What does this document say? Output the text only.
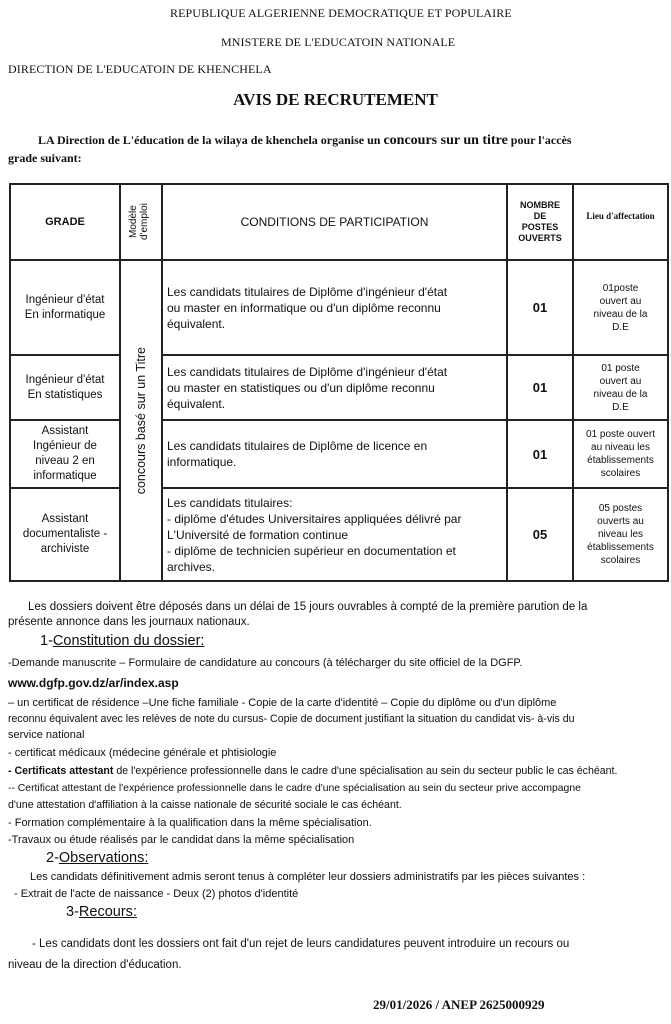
REPUBLIQUE ALGERIENNE DEMOCRATIQUE ET POPULAIRE
MNISTERE DE L'EDUCATOIN NATIONALE
DIRECTION DE L'EDUCATOIN DE KHENCHELA
AVIS DE RECRUTEMENT
LA Direction de L'éducation de la wilaya de khenchela organise un concours sur un titre pour l'accès
grade suivant:
GRADE	Modèle d'emploi	CONDITIONS DE PARTICIPATION	NOMBRE
DE
POSTES
OUVERTS	Lieu d'affectation

Ingénieur d'état
En informatique	concours basé sur un Titre	Les candidats titulaires de Diplôme d'ingénieur d'état
ou master en informatique ou d'un diplôme reconnu
équivalent.	01	01poste
ouvert au
niveau de la
D.E

Ingénieur d'état
En statistiques		Les candidats titulaires de Diplôme d'ingénieur d'état
ou master en statistiques ou d'un diplôme reconnu
équivalent.	01	01 poste
ouvert au
niveau de la
D.E

Assistant
Ingénieur de
niveau 2 en
informatique		Les candidats titulaires de Diplôme de licence en
informatique.	01	01 poste ouvert
au niveau les
établissements
scolaires

Assistant
documentaliste -
archiviste		Les candidats titulaires:
- diplôme d'études Universitaires appliquées délivré par
L'Université de formation continue
- diplôme de technicien supérieur en documentation et
archives.	05	05 postes
ouverts au
niveau les
établissements
scolaires
Les dossiers doivent être déposés dans un délai de 15 jours ouvrables à compté de la première parution de la
présente annonce dans les journaux nationaux.
1-Constitution du dossier:
-Demande manuscrite – Formulaire de candidature au concours (à télécharger du site officiel de la DGFP.
www.dgfp.gov.dz/ar/index.asp
– un certificat de résidence –Une fiche familiale - Copie de la carte d'identité – Copie du diplôme ou d'un diplôme
reconnu équivalent avec les relèves de note du cursus- Copie de document justifiant la situation du candidat vis- à-vis du
service national
- certificat médicaux (médecine générale et phtisiologie
- Certificats attestant de l'expérience professionnelle dans le cadre d'une spécialisation au sein du secteur public le cas échéant.
-- Certificat attestant de l'expérience professionnelle dans le cadre d'une spécialisation au sein du secteur prive accompagne
d'une attestation d'affiliation à la caisse nationale de sécurité sociale le cas échéant.
- Formation complémentaire à la qualification dans la même spécialisation.
-Travaux ou étude réalisés par le candidat dans la même spécialisation
2-Observations:
Les candidats définitivement admis seront tenus à compléter leur dossiers administratifs par les pièces suivantes :
- Extrait de l'acte de naissance - Deux (2) photos d'identité
3-Recours:
- Les candidats dont les dossiers ont fait d'un rejet de leurs candidatures peuvent introduire un recours ou
niveau de la direction d'éducation.
29/01/2026 / ANEP 2625000929
